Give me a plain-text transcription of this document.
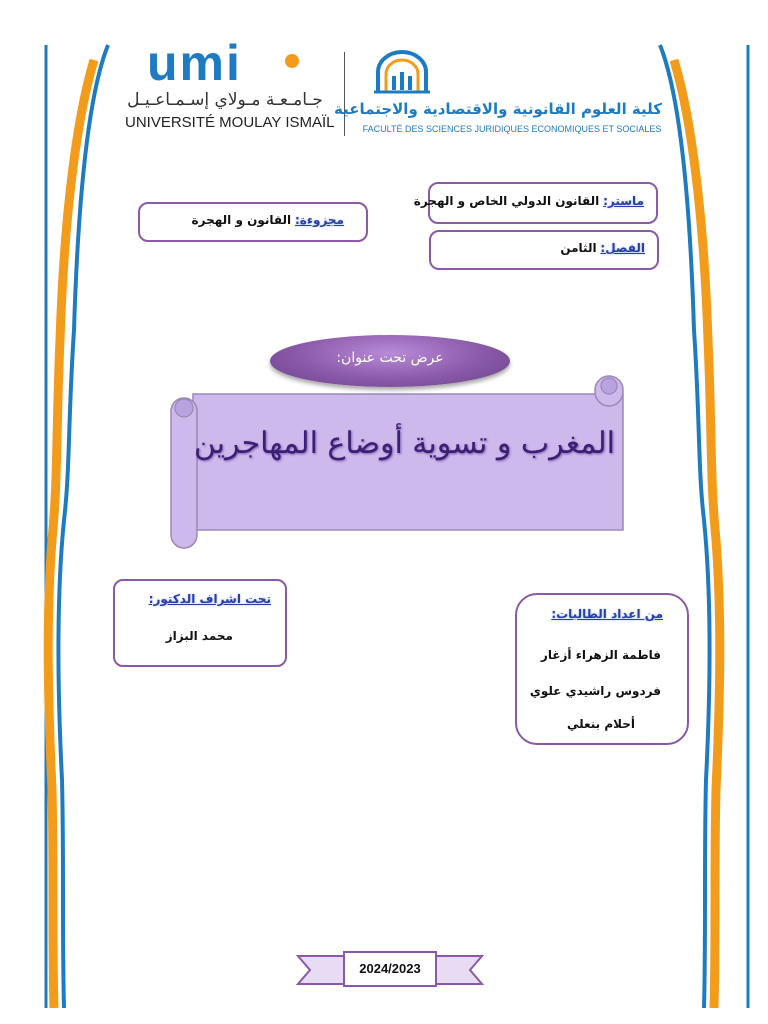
umi
جـامـعـة مـولاي إسـمـاعـيـل
UNIVERSITÉ MOULAY ISMAÏL
كلية العلوم القانونية والاقتصادية والاجتماعية
FACULTÉ DES SCIENCES JURIDIQUES ECONOMIQUES ET SOCIALES
ماستر: القانون الدولي الخاص و الهجرة
الفصل: الثامن
مجزوءة: القانون و الهجرة
عرض تحت عنوان:
المغرب و تسوية أوضاع المهاجرين
تحت اشراف الدكتور:
محمد البزاز
من اعداد الطالبات:
فاطمة الزهراء أزغار
فردوس راشيدي علوي
أحلام بنعلي
2024/2023
